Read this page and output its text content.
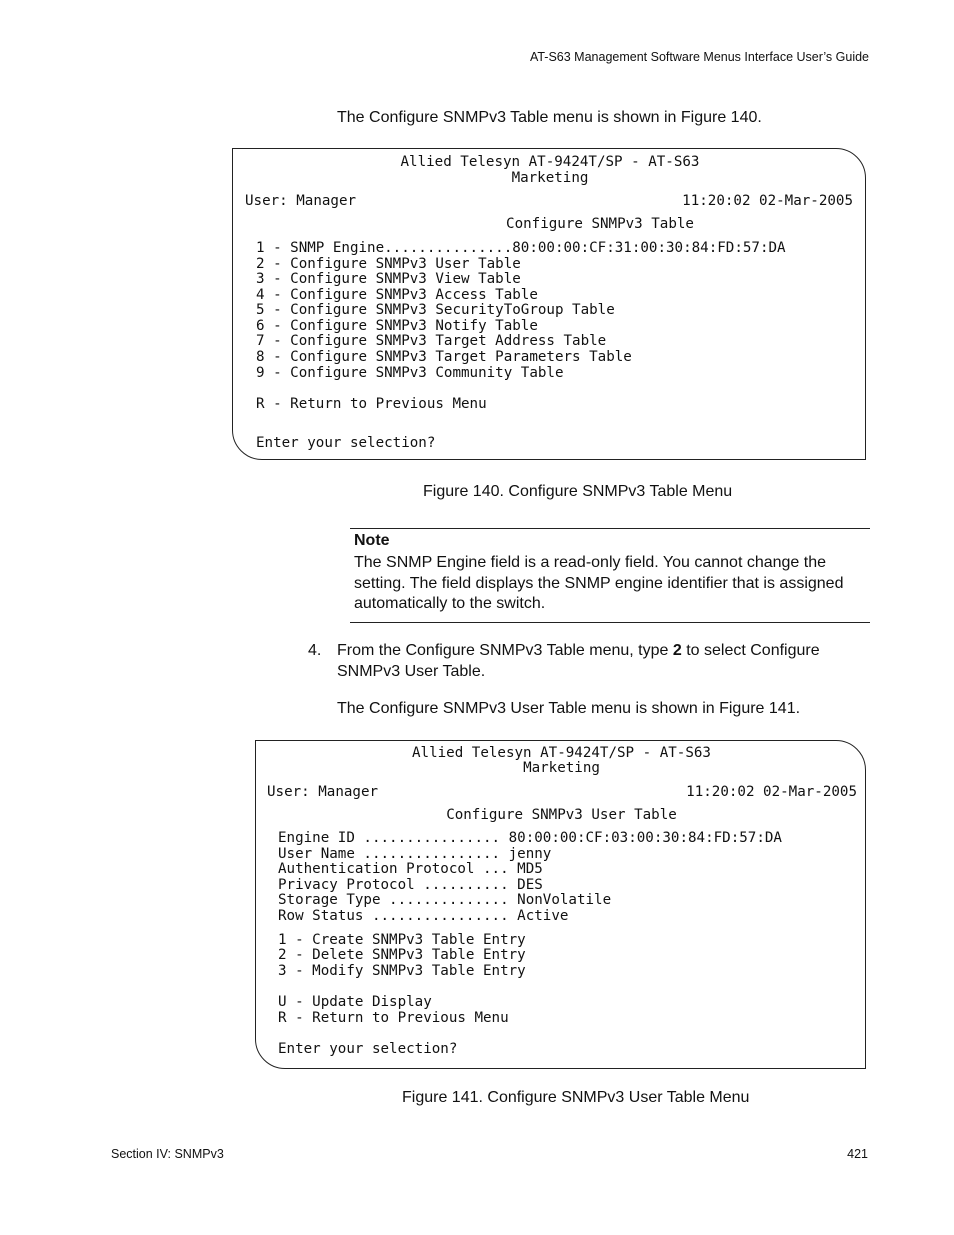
AT-S63 Management Software Menus Interface User’s Guide
The Configure SNMPv3 Table menu is shown in Figure 140.
Allied Telesyn AT-9424T/SP - AT-S63
Marketing
User: Manager	11:20:02 02-Mar-2005
Configure SNMPv3 Table
1 - SNMP Engine...............80:00:00:CF:31:00:30:84:FD:57:DA
2 - Configure SNMPv3 User Table
3 - Configure SNMPv3 View Table
4 - Configure SNMPv3 Access Table
5 - Configure SNMPv3 SecurityToGroup Table
6 - Configure SNMPv3 Notify Table
7 - Configure SNMPv3 Target Address Table
8 - Configure SNMPv3 Target Parameters Table
9 - Configure SNMPv3 Community Table
R - Return to Previous Menu
Enter your selection?
Figure 140. Configure SNMPv3 Table Menu
Note
The SNMP Engine field is a read-only field. You cannot change the setting. The field displays the SNMP engine identifier that is assigned automatically to the switch.
4. From the Configure SNMPv3 Table menu, type 2 to select Configure
SNMPv3 User Table.
The Configure SNMPv3 User Table menu is shown in Figure 141.
Allied Telesyn AT-9424T/SP - AT-S63
Marketing
User: Manager	11:20:02 02-Mar-2005
Configure SNMPv3 User Table
Engine ID ................ 80:00:00:CF:03:00:30:84:FD:57:DA
User Name ................ jenny
Authentication Protocol ... MD5
Privacy Protocol .......... DES
Storage Type .............. NonVolatile
Row Status ................ Active
1 - Create SNMPv3 Table Entry
2 - Delete SNMPv3 Table Entry
3 - Modify SNMPv3 Table Entry
U - Update Display
R - Return to Previous Menu
Enter your selection?
Figure 141. Configure SNMPv3 User Table Menu
Section IV: SNMPv3	421
